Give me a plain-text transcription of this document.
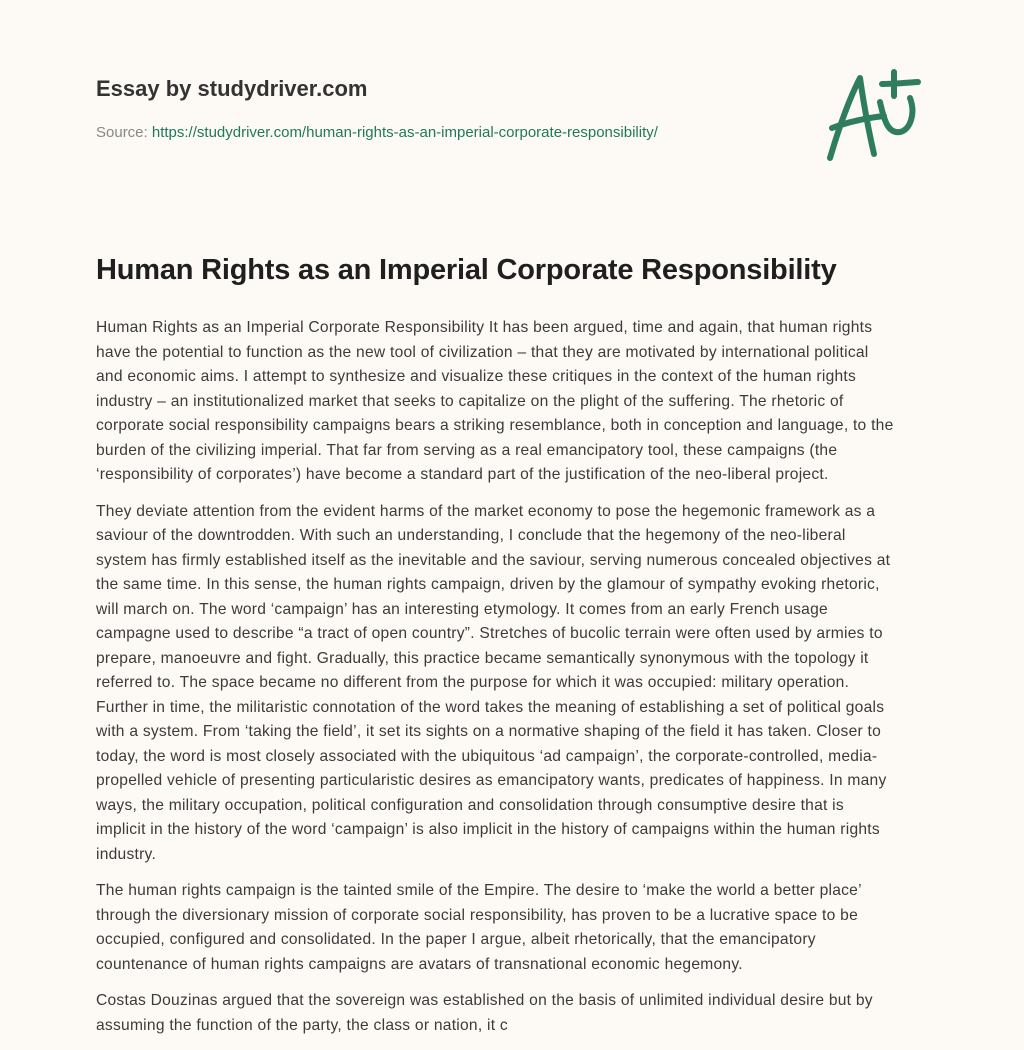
Essay by studydriver.com
Source: https://studydriver.com/human-rights-as-an-imperial-corporate-responsibility/
Human Rights as an Imperial Corporate Responsibility

Human Rights as an Imperial Corporate Responsibility It has been argued, time and again, that human rights
have the potential to function as the new tool of civilization – that they are motivated by international political
and economic aims. I attempt to synthesize and visualize these critiques in the context of the human rights
industry – an institutionalized market that seeks to capitalize on the plight of the suffering. The rhetoric of
corporate social responsibility campaigns bears a striking resemblance, both in conception and language, to the
burden of the civilizing imperial. That far from serving as a real emancipatory tool, these campaigns (the
‘responsibility of corporates’) have become a standard part of the justification of the neo-liberal project.

They deviate attention from the evident harms of the market economy to pose the hegemonic framework as a
saviour of the downtrodden. With such an understanding, I conclude that the hegemony of the neo-liberal
system has firmly established itself as the inevitable and the saviour, serving numerous concealed objectives at
the same time. In this sense, the human rights campaign, driven by the glamour of sympathy evoking rhetoric,
will march on. The word ‘campaign’ has an interesting etymology. It comes from an early French usage
campagne used to describe “a tract of open country”. Stretches of bucolic terrain were often used by armies to
prepare, manoeuvre and fight. Gradually, this practice became semantically synonymous with the topology it
referred to. The space became no different from the purpose for which it was occupied: military operation.
Further in time, the militaristic connotation of the word takes the meaning of establishing a set of political goals
with a system. From ‘taking the field’, it set its sights on a normative shaping of the field it has taken. Closer to
today, the word is most closely associated with the ubiquitous ‘ad campaign’, the corporate-controlled, media-
propelled vehicle of presenting particularistic desires as emancipatory wants, predicates of happiness. In many
ways, the military occupation, political configuration and consolidation through consumptive desire that is
implicit in the history of the word ‘campaign’ is also implicit in the history of campaigns within the human rights
industry.

The human rights campaign is the tainted smile of the Empire. The desire to ‘make the world a better place’
through the diversionary mission of corporate social responsibility, has proven to be a lucrative space to be
occupied, configured and consolidated. In the paper I argue, albeit rhetorically, that the emancipatory
countenance of human rights campaigns are avatars of transnational economic hegemony.

Costas Douzinas argued that the sovereign was established on the basis of unlimited individual desire but by
assuming the function of the party, the class or nation, it c
